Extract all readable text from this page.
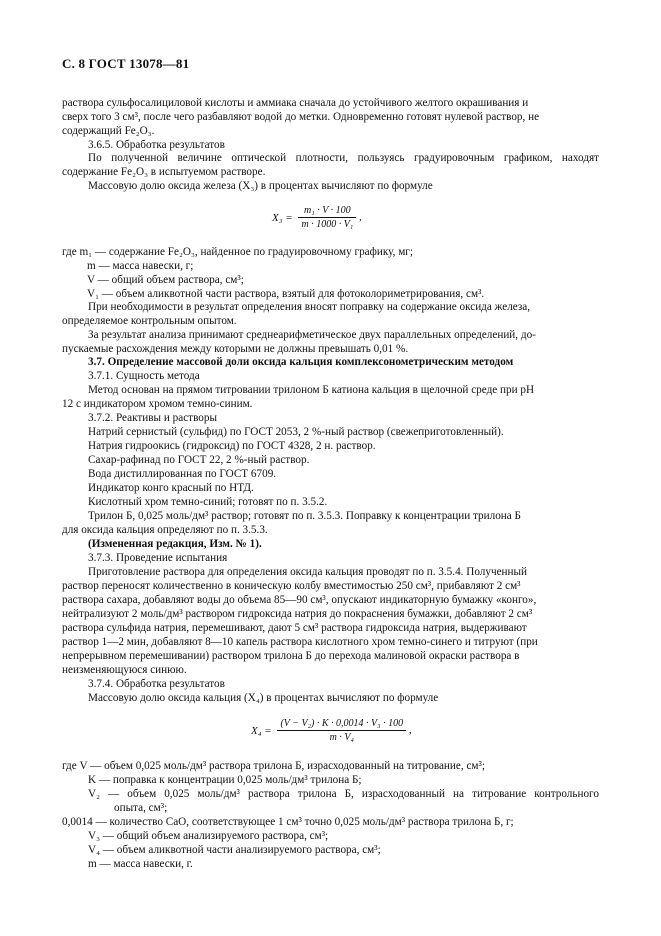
С. 8 ГОСТ 13078—81
раствора сульфосалициловой кислоты и аммиака сначала до устойчивого желтого окрашивания и
сверх того 3 см³, после чего разбавляют водой до метки. Одновременно готовят нулевой раствор, не
содержащий Fe₂O₃.
3.6.5. Обработка результатов
По полученной величине оптической плотности, пользуясь градуировочным графиком, находят
содержание Fe₂O₃ в испытуемом растворе.
Массовую долю оксида железа (X₃) в процентах вычисляют по формуле
$X_3 = \frac{\text{m₁ · V · 100}}{\text{m · 1000 · V₁}}$ ,
где m₁ — содержание Fe₂O₃, найденное по градуировочному графику, мг;
m — масса навески, г;
V — общий объем раствора, см³;
V₁ — объем аликвотной части раствора, взятый для фотоколориметрирования, см³.
При необходимости в результат определения вносят поправку на содержание оксида железа,
определяемое контрольным опытом.
За результат анализа принимают среднеарифметическое двух параллельных определений, до-
пускаемые расхождения между которыми не должны превышать 0,01 %.
3.7. Определение массовой доли оксида кальция комплексонометрическим методом
3.7.1. Сущность метода
Метод основан на прямом титровании трилоном Б катиона кальция в щелочной среде при pH
12 с индикатором хромом темно-синим.
3.7.2. Реактивы и растворы
Натрий сернистый (сульфид) по ГОСТ 2053, 2 %-ный раствор (свежеприготовленный).
Натрия гидроокись (гидроксид) по ГОСТ 4328, 2 н. раствор.
Сахар-рафинад по ГОСТ 22, 2 %-ный раствор.
Вода дистиллированная по ГОСТ 6709.
Индикатор конго красный по НТД.
Кислотный хром темно-синий; готовят по п. 3.5.2.
Трилон Б, 0,025 моль/дм³ раствор; готовят по п. 3.5.3. Поправку к концентрации трилона Б
для оксида кальция определяют по п. 3.5.3.
(Измененная редакция, Изм. № 1).
3.7.3. Проведение испытания
Приготовление раствора для определения оксида кальция проводят по п. 3.5.4. Полученный
раствор переносят количественно в коническую колбу вместимостью 250 см³, прибавляют 2 см³
раствора сахара, добавляют воды до объема 85—90 см³, опускают индикаторную бумажку «конго»,
нейтрализуют 2 моль/дм³ раствором гидроксида натрия до покраснения бумажки, добавляют 2 см³
раствора сульфида натрия, перемешивают, дают 5 см³ раствора гидроксида натрия, выдерживают
раствор 1—2 мин, добавляют 8—10 капель раствора кислотного хром темно-синего и титруют (при
непрерывном перемешивании) раствором трилона Б до перехода малиновой окраски раствора в
неизменяющуюся синюю.
3.7.4. Обработка результатов
Массовую долю оксида кальция (X₄) в процентах вычисляют по формуле
$X_4 = \frac{\text{(V − V₂) · K · 0,0014 · V₃ · 100}}{\text{m · V₄}}$ ,
где V — объем 0,025 моль/дм³ раствора трилона Б, израсходованный на титрование, см³;
K — поправка к концентрации 0,025 моль/дм³ трилона Б;
V₂ — объем 0,025 моль/дм³ раствора трилона Б, израсходованный на титрование контрольного
опыта, см³;
0,0014 — количество CaO, соответствующее 1 см³ точно 0,025 моль/дм³ раствора трилона Б, г;
V₃ — общий объем анализируемого раствора, см³;
V₄ — объем аликвотной части анализируемого раствора, см³;
m — масса навески, г.
